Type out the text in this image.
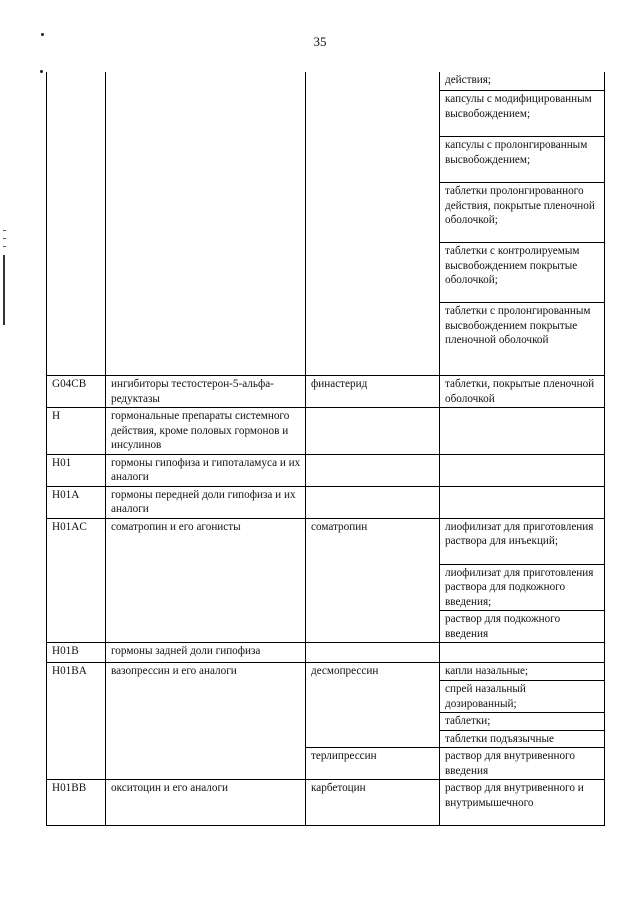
35
			действия;
			капсулы с модифицированным высвобождением;
			капсулы с пролонгированным высвобождением;
			таблетки пролонгированного действия, покрытые пленочной оболочкой;
			таблетки с контролируемым высвобождением покрытые оболочкой;
			таблетки с пролонгированным высвобождением покрытые пленочной оболочкой
G04CB	ингибиторы тестостерон-5-альфа-редуктазы	финастерид	таблетки, покрытые пленочной оболочкой
H	гормональные препараты системного действия, кроме половых гормонов и инсулинов		
H01	гормоны гипофиза и гипоталамуса и их аналоги		
H01A	гормоны передней доли гипофиза и их аналоги		
H01AC	соматропин и его агонисты	соматропин	лиофилизат для приготовления раствора для инъекций;
			лиофилизат для приготовления раствора для подкожного введения;
			раствор для подкожного введения
H01B	гормоны задней доли гипофиза		
H01BA	вазопрессин и его аналоги	десмопрессин	капли назальные;
			спрей назальный дозированный;
			таблетки;
			таблетки подъязычные
		терлипрессин	раствор для внутривенного введения
H01BB	окситоцин и его аналоги	карбетоцин	раствор для внутривенного и внутримышечного
